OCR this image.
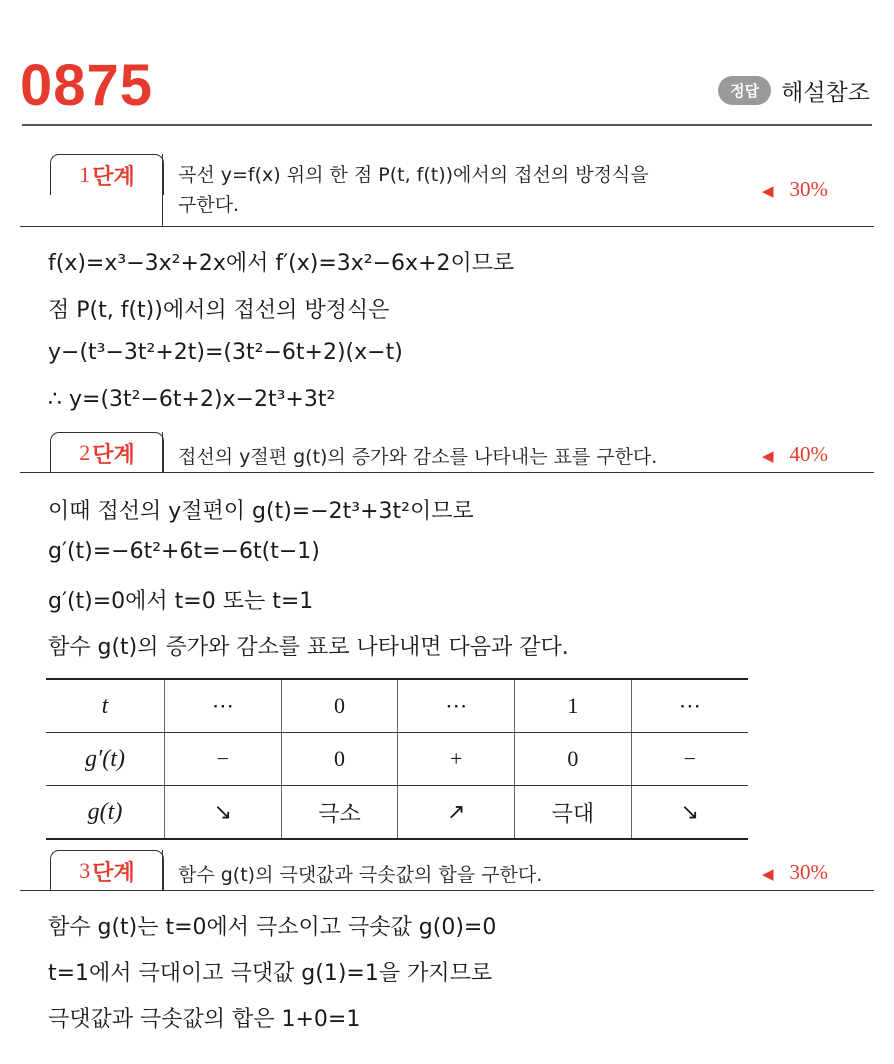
0875	정답 해설참조
1 단계 곡선 y=f(x) 위의 한 점 P(t, f(t))에서의 접선의 방정식을
구한다.
◀ 30%
f(x)=x³−3x²+2x에서 f′(x)=3x²−6x+2이므로
점 P(t, f(t))에서의 접선의 방정식은
y−(t³−3t²+2t)=(3t²−6t+2)(x−t)
∴ y=(3t²−6t+2)x−2t³+3t²
2 단계 접선의 y절편 g(t)의 증가와 감소를 나타내는 표를 구한다.	◀ 40%
이때 접선의 y절편이 g(t)=−2t³+3t²이므로
g′(t)=−6t²+6t=−6t(t−1)
g′(t)=0에서 t=0 또는 t=1
함수 g(t)의 증가와 감소를 표로 나타내면 다음과 같다.
t	⋯	0	⋯	1	⋯
g′(t)	−	0	+	0	−
g(t)	↘	극소	↗	극대	↘
3 단계 함수 g(t)의 극댓값과 극솟값의 합을 구한다.	◀ 30%
함수 g(t)는 t=0에서 극소이고 극솟값 g(0)=0
t=1에서 극대이고 극댓값 g(1)=1을 가지므로
극댓값과 극솟값의 합은 1+0=1
